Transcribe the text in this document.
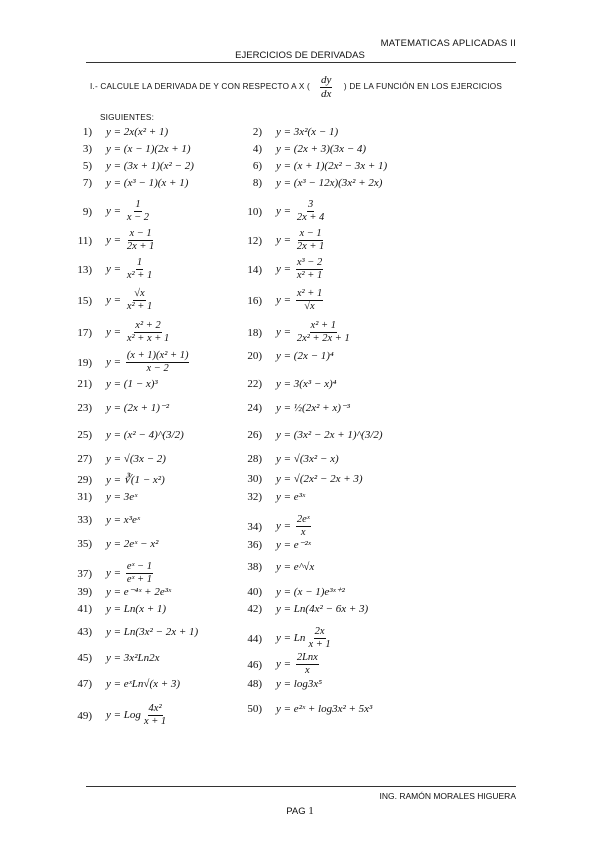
MATEMATICAS APLICADAS II
EJERCICIOS DE DERIVADAS
I.- CALCULE LA DERIVADA DE Y CON RESPECTO A X (	) DE LA FUNCIÓN EN LOS EJERCICIOS
SIGUIENTES:
$\frac{dy}{dx}$
1) y = 2x(x² + 1)
3) y = (x − 1)(2x + 1)
5) y = (3x + 1)(x² − 2)
7) y = (x³ − 1)(x + 1)
9) $y = \frac{1}{x - 2}$
11) $y = \frac{x - 1}{2x + 1}$
13) $y = \frac{1}{\text{x² + 1}}$
15) $y = \frac{√x}{\text{x² + 1}}$
17) $y = \frac{\text{x² + 2}}{\text{x² + x + 1}}$
19) $y = \frac{\text{(x + 1)(x² + 1)}}{x - 2}$
21) y = (1 − x)³
23) y = (2x + 1)⁻²
25) y = (x² − 4)^(3/2)
27) y = √(3x − 2)
29) y = ∛(1 − x²)
31) y = 3eˣ
33) y = x³eˣ
35) y = 2eˣ − x²
37) $y = \frac{\text{eˣ − 1}}{\text{eˣ + 1}}$
39) y = e⁻⁴ˣ + 2e³ˣ
41) y = Ln(x + 1)
43) y = Ln(3x² − 2x + 1)
45) y = 3x²Ln2x
47) y = eˣLn√(x + 3)
49) y = Log $\frac{\text{4x²}}{x + 1}$
2) y = 3x²(x − 1)
4) y = (2x + 3)(3x − 4)
6) y = (x + 1)(2x² − 3x + 1)
8) y = (x³ − 12x)(3x² + 2x)
10) $y = \frac{3}{2x + 4}$
12) $y = \frac{x - 1}{2x + 1}$
14) $y = \frac{\text{x³ − 2}}{\text{x² + 1}}$
16) $y = \frac{\text{x² + 1}}{√x}$
18) $y = \frac{\text{x² + 1}}{\text{2x² + 2x + 1}}$
20) y = (2x − 1)⁴
22) y = 3(x³ − x)⁴
24) y = ½(2x² + x)⁻³
26) y = (3x² − 2x + 1)^(3/2)
28) y = √(3x² − x)
30) y = √(2x² − 2x + 3)
32) y = e³ˣ
34) $y = \frac{\text{2eˣ}}{x}$
36) y = e⁻²ˣ
38) y = e^√x
40) y = (x − 1)e³ˣ⁺²
42) y = Ln(4x² − 6x + 3)
44) y = Ln $\frac{2x}{x + 1}$
46) $y = \frac{\text{2Lnx}}{x}$
48) y = log3x⁵
50) y = e²ˣ + log3x² + 5x³
ING. RAMÓN MORALES HIGUERA
PAG 1
